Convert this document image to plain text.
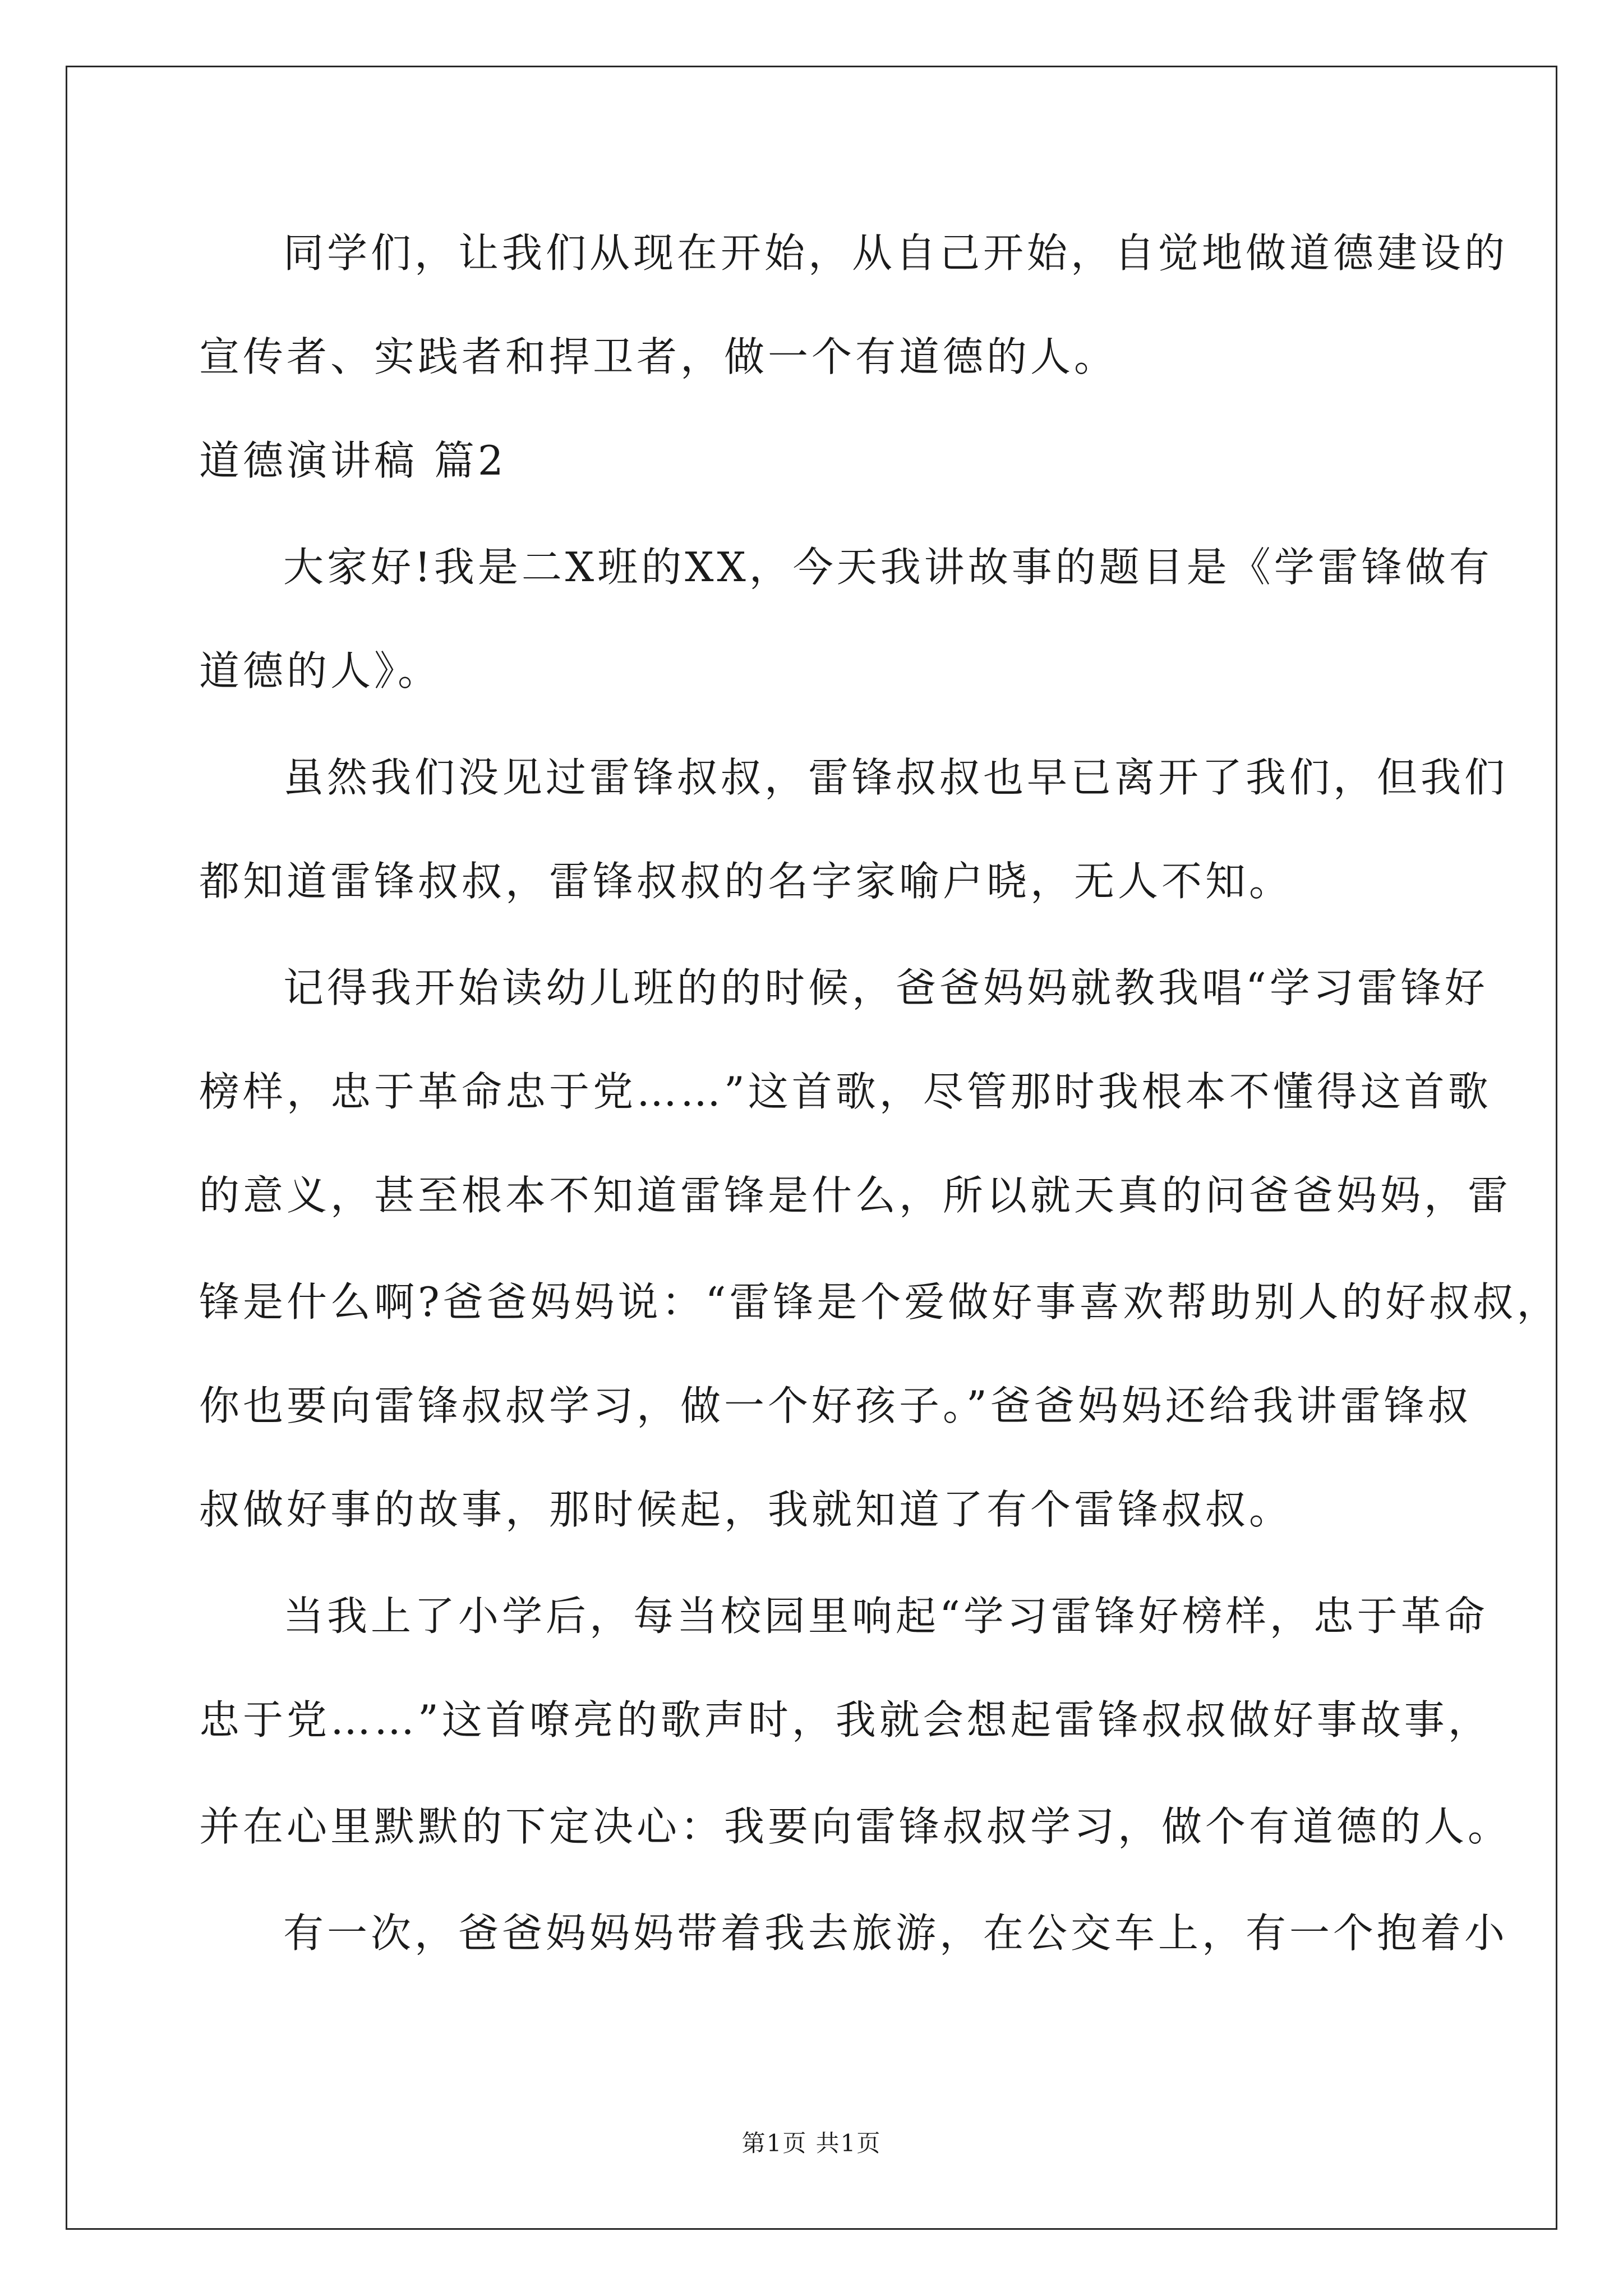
同学们，让我们从现在开始，从自己开始，自觉地做道德建设的
宣传者、实践者和捍卫者，做一个有道德的人。
道德演讲稿 篇2
大家好!我是二X班的XX，今天我讲故事的题目是《学雷锋做有
道德的人》。
虽然我们没见过雷锋叔叔，雷锋叔叔也早已离开了我们，但我们
都知道雷锋叔叔，雷锋叔叔的名字家喻户晓，无人不知。
记得我开始读幼儿班的的时候，爸爸妈妈就教我唱“学习雷锋好
榜样，忠于革命忠于党……”这首歌，尽管那时我根本不懂得这首歌
的意义，甚至根本不知道雷锋是什么，所以就天真的问爸爸妈妈，雷
锋是什么啊?爸爸妈妈说：“雷锋是个爱做好事喜欢帮助别人的好叔叔，
你也要向雷锋叔叔学习，做一个好孩子。”爸爸妈妈还给我讲雷锋叔
叔做好事的故事，那时候起，我就知道了有个雷锋叔叔。
当我上了小学后，每当校园里响起“学习雷锋好榜样，忠于革命
忠于党……”这首嘹亮的歌声时，我就会想起雷锋叔叔做好事故事，
并在心里默默的下定决心：我要向雷锋叔叔学习，做个有道德的人。
有一次，爸爸妈妈妈带着我去旅游，在公交车上，有一个抱着小
第1页 共1页
